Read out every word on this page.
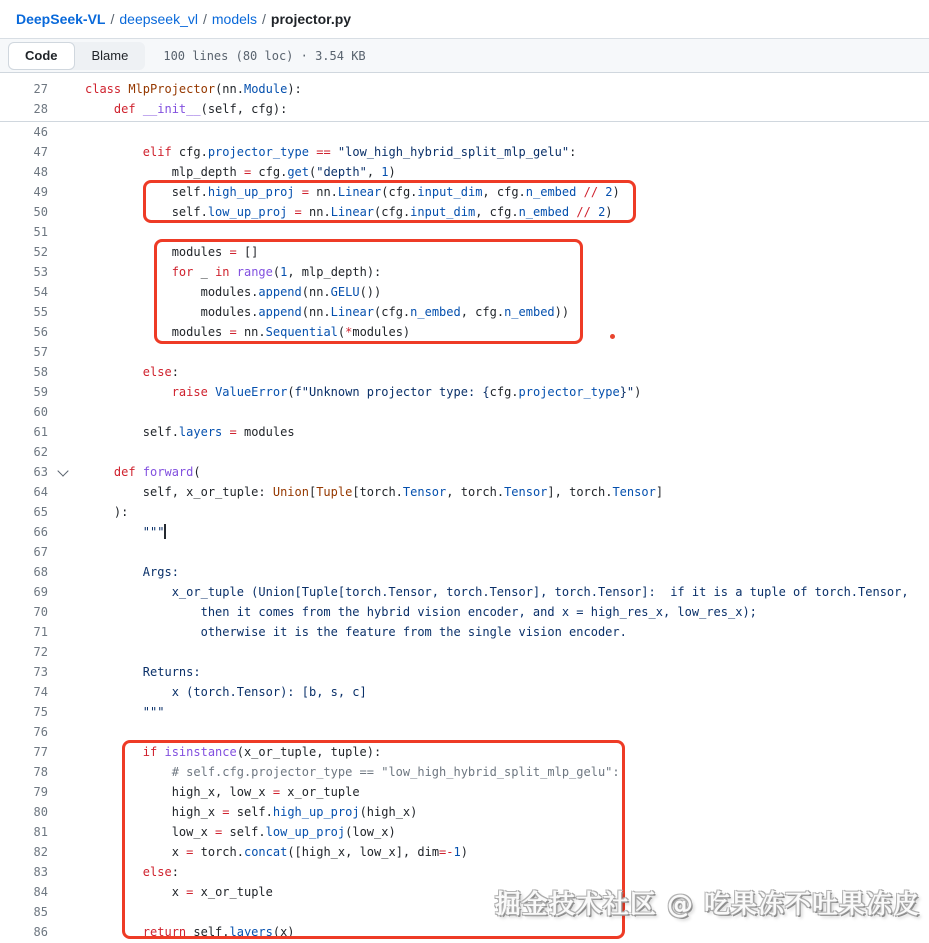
DeepSeek-VL / deepseek_vl / models / projector.py
Code	Blame	100 lines (80 loc) · 3.54 KB
27	class MlpProjector(nn.Module):
28	def __init__(self, cfg):
46
47	elif cfg.projector_type == "low_high_hybrid_split_mlp_gelu":
48	mlp_depth = cfg.get("depth", 1)
49	self.high_up_proj = nn.Linear(cfg.input_dim, cfg.n_embed // 2)
50	self.low_up_proj = nn.Linear(cfg.input_dim, cfg.n_embed // 2)
51
52	modules = []
53	for _ in range(1, mlp_depth):
54	modules.append(nn.GELU())
55	modules.append(nn.Linear(cfg.n_embed, cfg.n_embed))
56	modules = nn.Sequential(*modules)
57
58	else:
59	raise ValueError(f"Unknown projector type: {cfg.projector_type}")
60
61	self.layers = modules
62
63	def forward(
64	self, x_or_tuple: Union[Tuple[torch.Tensor, torch.Tensor], torch.Tensor]
65	):
66	"""
67
68	Args:
69	x_or_tuple (Union[Tuple[torch.Tensor, torch.Tensor], torch.Tensor]:  if it is a tuple of torch.Tensor,
70	then it comes from the hybrid vision encoder, and x = high_res_x, low_res_x);
71	otherwise it is the feature from the single vision encoder.
72
73	Returns:
74	x (torch.Tensor): [b, s, c]
75	"""
76
77	if isinstance(x_or_tuple, tuple):
78	# self.cfg.projector_type == "low_high_hybrid_split_mlp_gelu":
79	high_x, low_x = x_or_tuple
80	high_x = self.high_up_proj(high_x)
81	low_x = self.low_up_proj(low_x)
82	x = torch.concat([high_x, low_x], dim=-1)
83	else:
84	x = x_or_tuple
85
86	return self.layers(x)
掘金技术社区 @ 吃果冻不吐果冻皮
